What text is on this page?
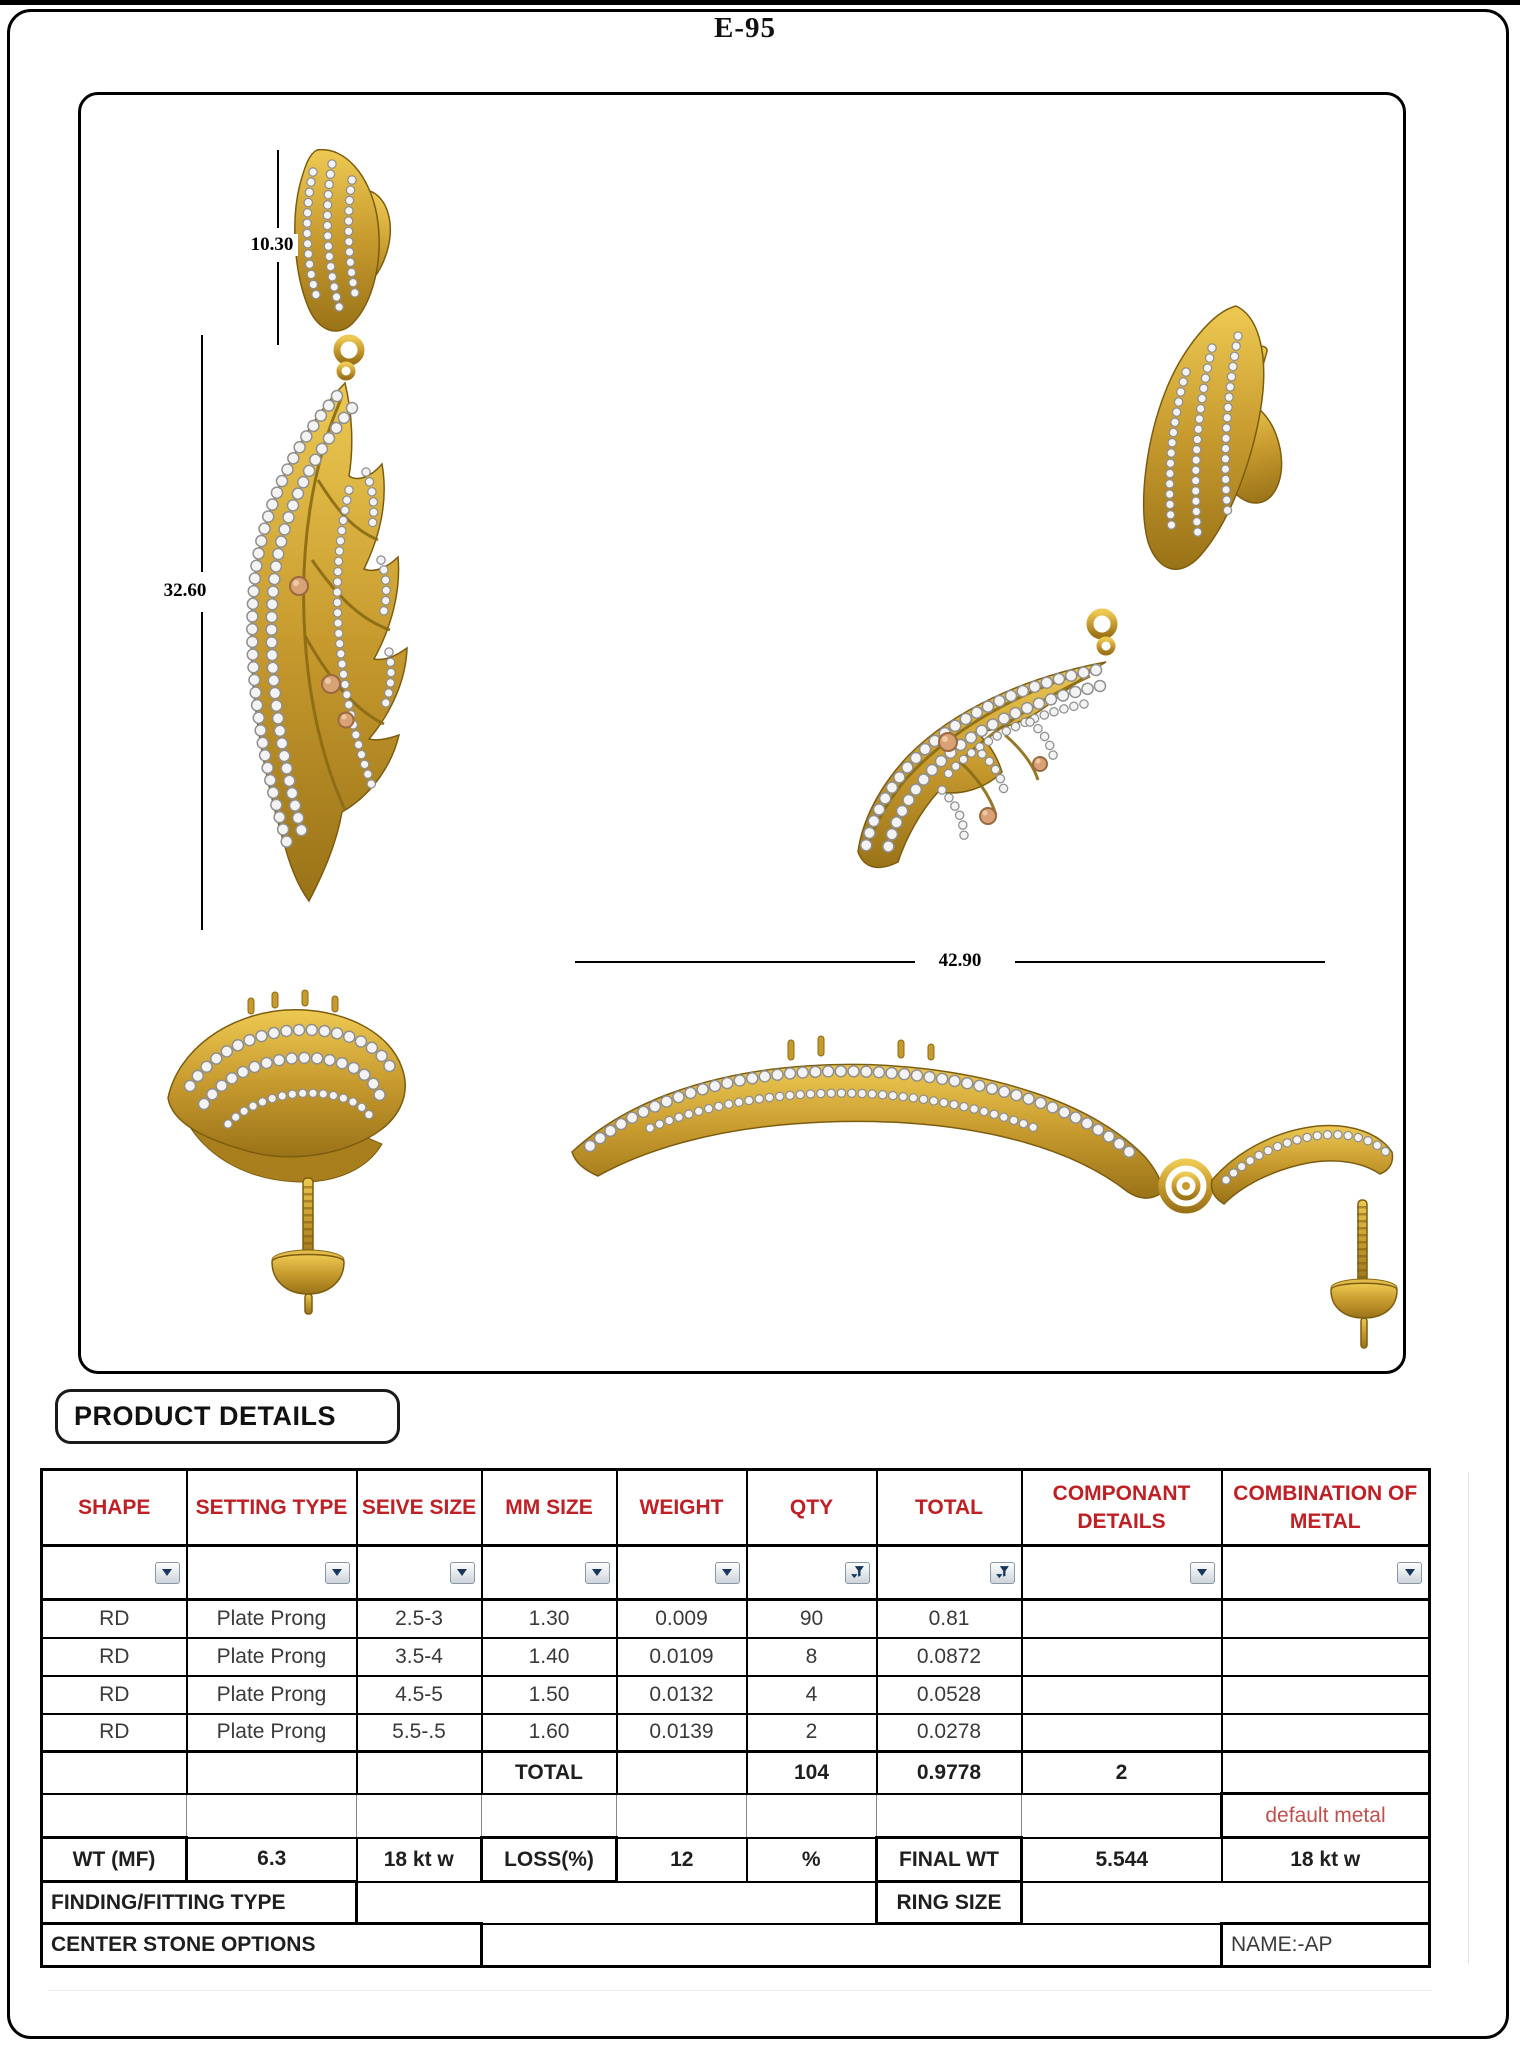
E-95
10.30
32.60
42.90
PRODUCT DETAILS
SHAPE	SETTING TYPE	SEIVE SIZE	MM SIZE	WEIGHT	QTY	TOTAL	COMPONANT DETAILS	COMBINATION OF METAL

RD	Plate Prong	2.5-3	1.30	0.009	90	0.81		
RD	Plate Prong	3.5-4	1.40	0.0109	8	0.0872		
RD	Plate Prong	4.5-5	1.50	0.0132	4	0.0528		
RD	Plate Prong	5.5-.5	1.60	0.0139	2	0.0278		
			TOTAL		104	0.9778	2	
								default metal
WT (MF)	6.3	18 kt w	LOSS(%)	12	%	FINAL WT	5.544	18 kt w
FINDING/FITTING TYPE						RING SIZE		
CENTER STONE OPTIONS								NAME:-AP
